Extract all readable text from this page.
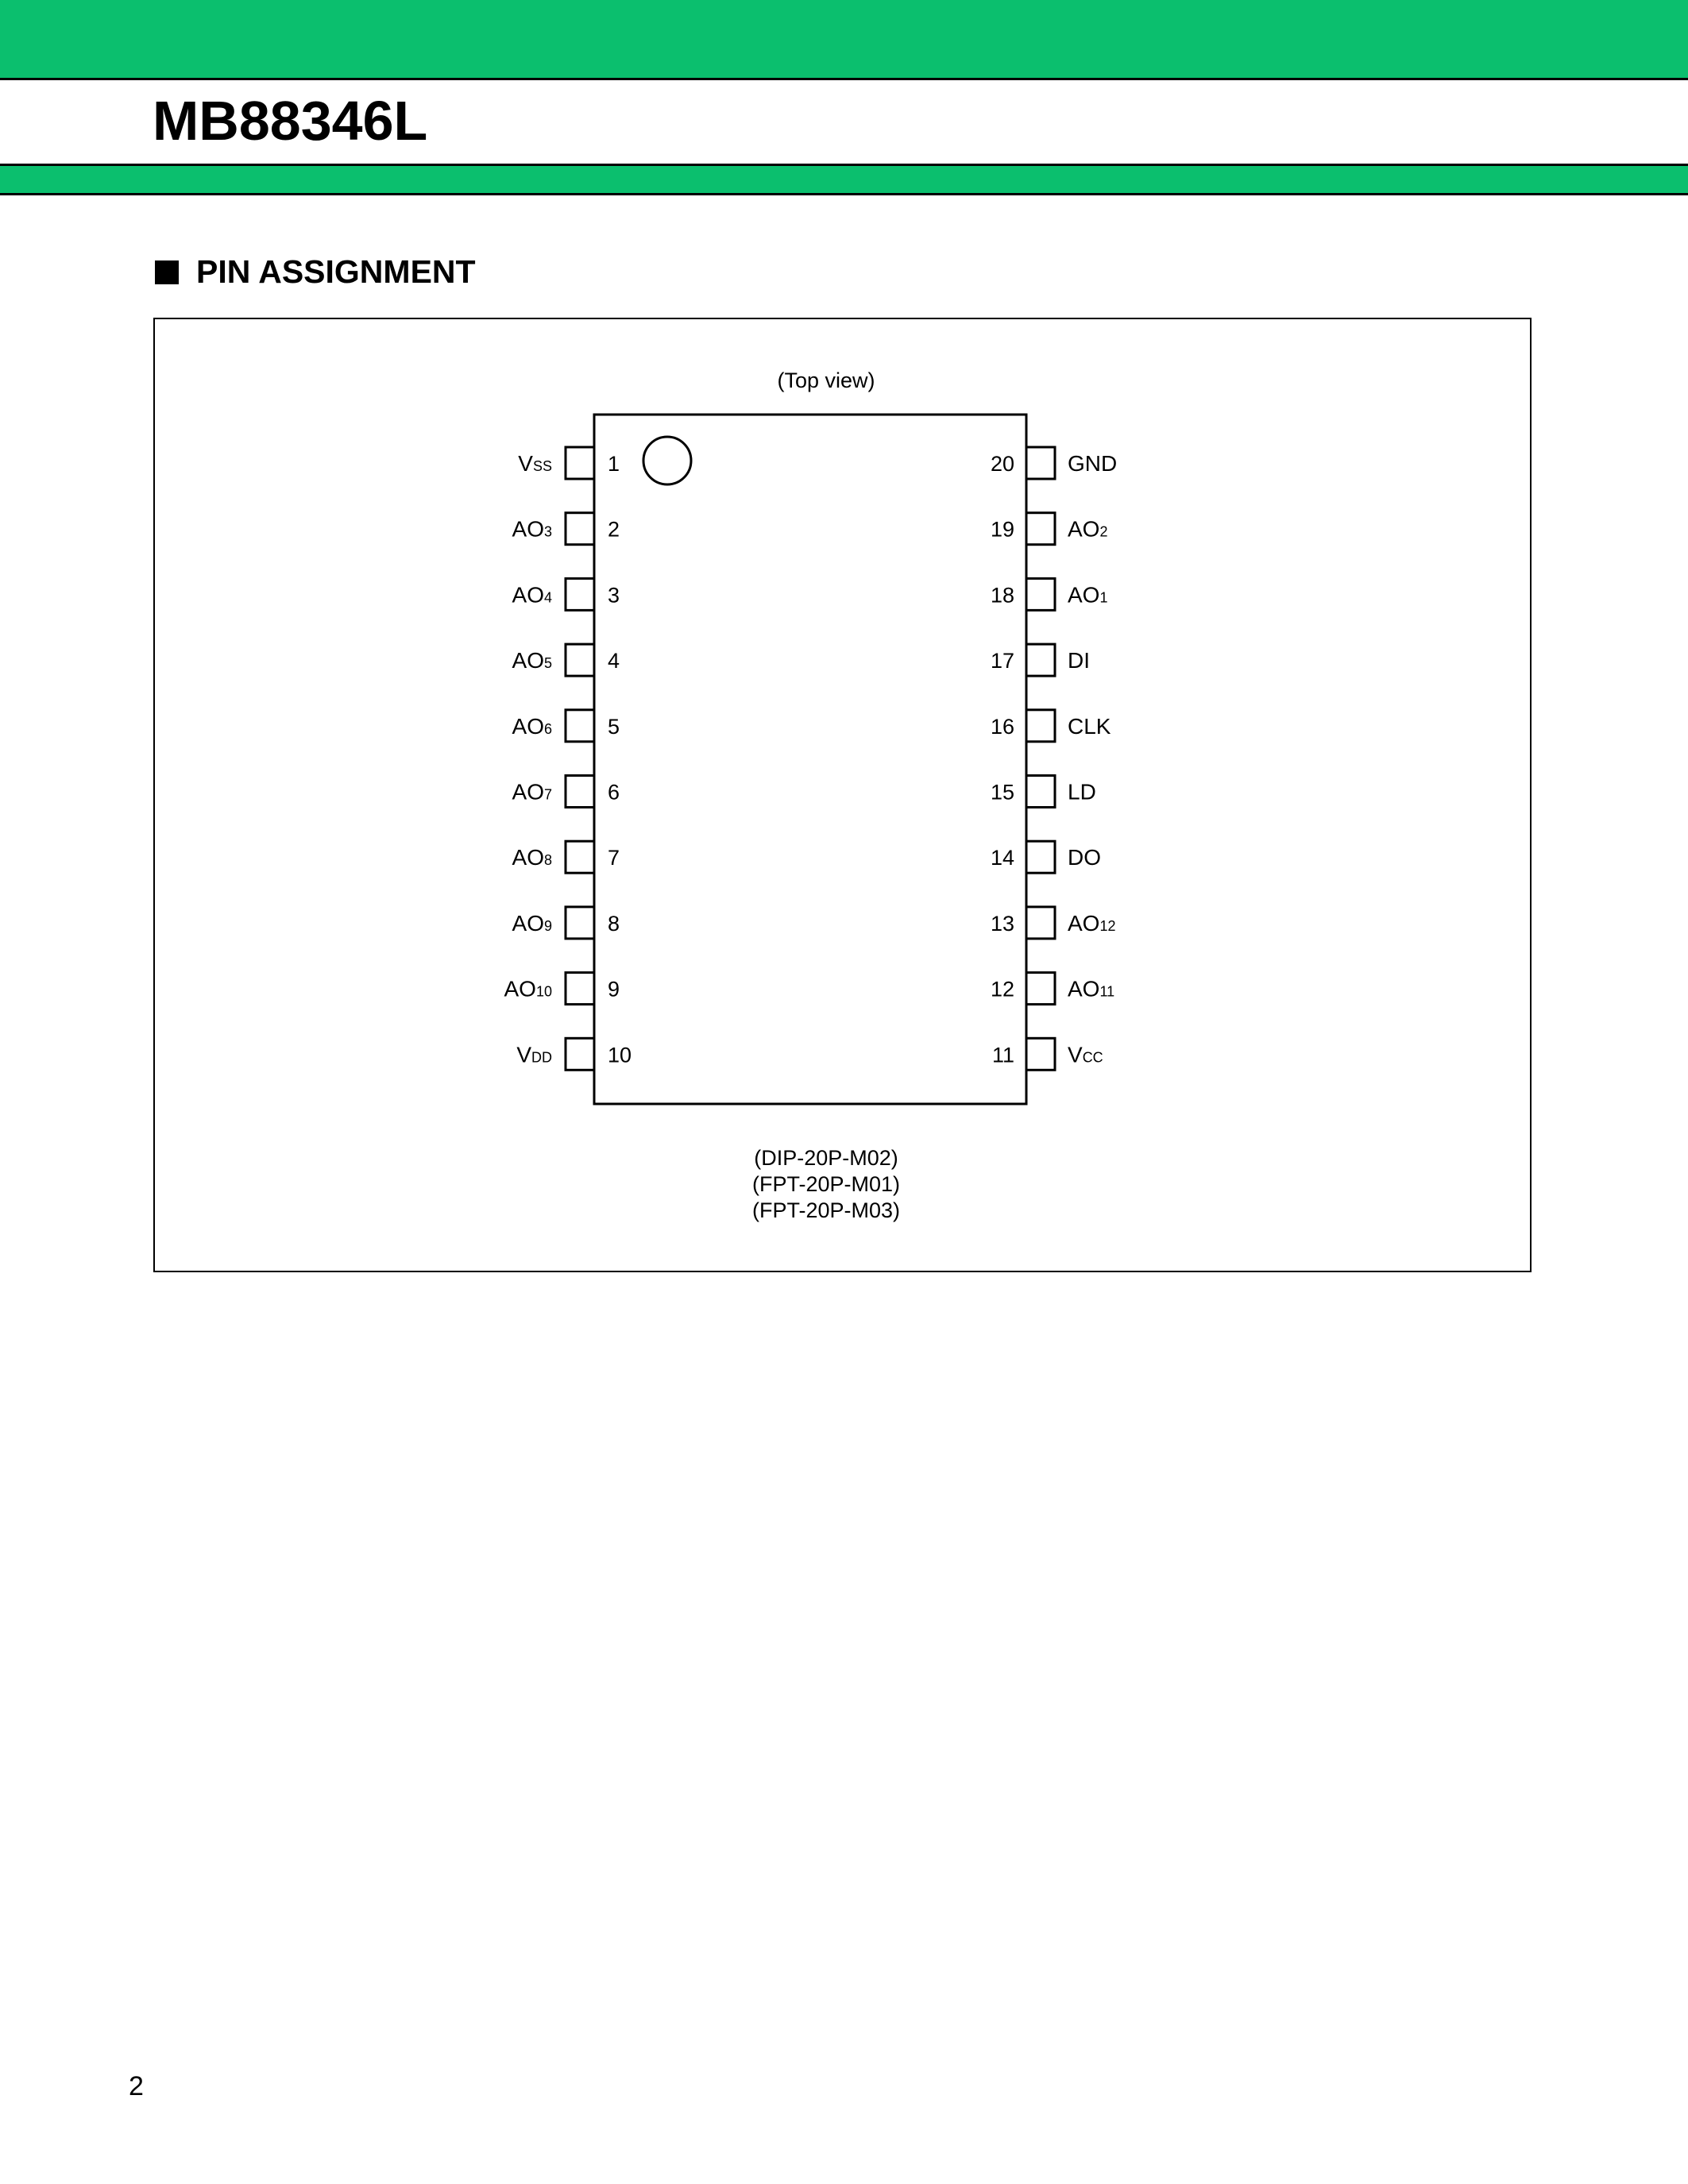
MB88346L
PIN ASSIGNMENT
(Top view)
1
VSS
2
AO3
3
AO4
4
AO5
5
AO6
6
AO7
7
AO8
8
AO9
9
AO10
10
VDD
20 GND
19 AO2
18 AO1
17 DI
16 CLK
15 LD
14 DO
13 AO12
12 AO11
11 VCC
(DIP-20P-M02)
(FPT-20P-M01)
(FPT-20P-M03)
2
